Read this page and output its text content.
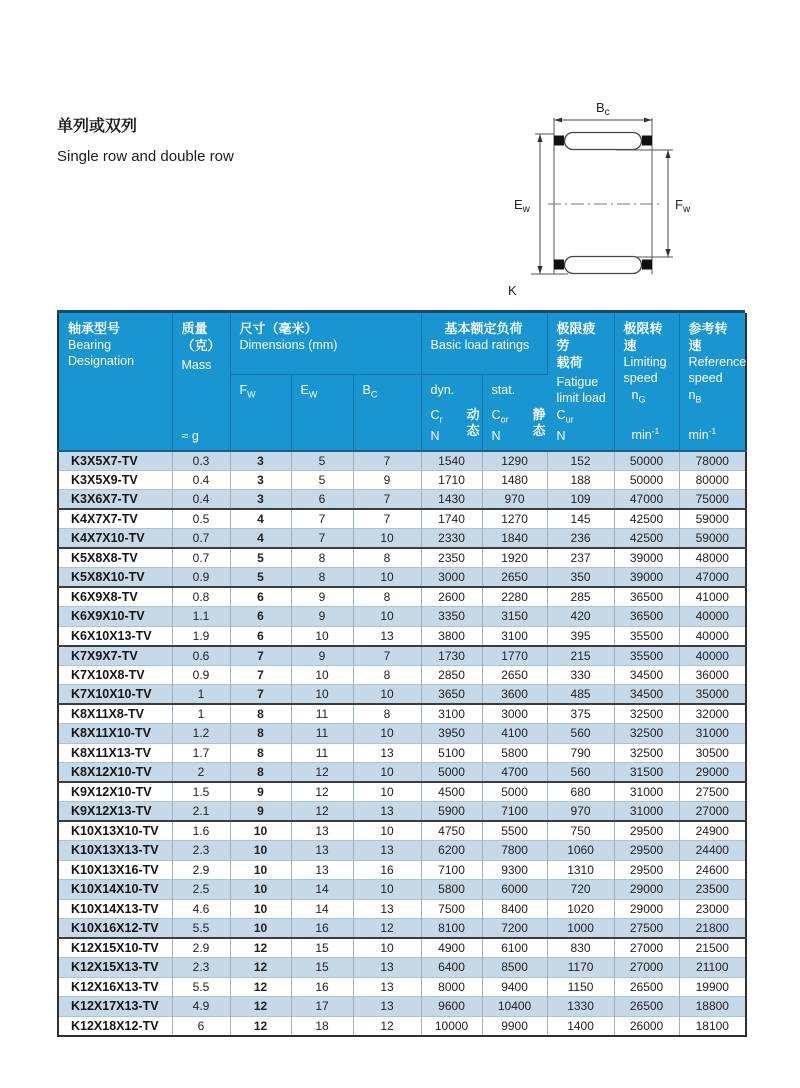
单列或双列
Single row and double row
$B_c$
$E_w$	$F_w$
K
轴承型号
Bearing
Designation

质量
（克）
Mass
≈ g

尺寸（毫米）
Dimensions (mm)

基本额定负荷
Basic load ratings

极限疲劳
载荷
Fatigue
limit load
$C_{ur}$
N

极限转速
Limiting
speed
$n_G$
$\min^{-1}$

参考转速
Reference
speed
$n_B$
$\min^{-1}$

$F_W$	$E_W$	$B_C$	dyn.
$C_r$
N
动
态

stat.
$C_{or}$
N
静
态

K3X5X7-TV	0.3	3	5	7	1540	1290	152	50000	78000
K3X5X9-TV	0.4	3	5	9	1710	1480	188	50000	80000
K3X6X7-TV	0.4	3	6	7	1430	970	109	47000	75000
K4X7X7-TV	0.5	4	7	7	1740	1270	145	42500	59000
K4X7X10-TV	0.7	4	7	10	2330	1840	236	42500	59000
K5X8X8-TV	0.7	5	8	8	2350	1920	237	39000	48000
K5X8X10-TV	0.9	5	8	10	3000	2650	350	39000	47000
K6X9X8-TV	0.8	6	9	8	2600	2280	285	36500	41000
K6X9X10-TV	1.1	6	9	10	3350	3150	420	36500	40000
K6X10X13-TV	1.9	6	10	13	3800	3100	395	35500	40000
K7X9X7-TV	0.6	7	9	7	1730	1770	215	35500	40000
K7X10X8-TV	0.9	7	10	8	2850	2650	330	34500	36000
K7X10X10-TV	1	7	10	10	3650	3600	485	34500	35000
K8X11X8-TV	1	8	11	8	3100	3000	375	32500	32000
K8X11X10-TV	1.2	8	11	10	3950	4100	560	32500	31000
K8X11X13-TV	1.7	8	11	13	5100	5800	790	32500	30500
K8X12X10-TV	2	8	12	10	5000	4700	560	31500	29000
K9X12X10-TV	1.5	9	12	10	4500	5000	680	31000	27500
K9X12X13-TV	2.1	9	12	13	5900	7100	970	31000	27000
K10X13X10-TV	1.6	10	13	10	4750	5500	750	29500	24900
K10X13X13-TV	2.3	10	13	13	6200	7800	1060	29500	24400
K10X13X16-TV	2.9	10	13	16	7100	9300	1310	29500	24600
K10X14X10-TV	2.5	10	14	10	5800	6000	720	29000	23500
K10X14X13-TV	4.6	10	14	13	7500	8400	1020	29000	23000
K10X16X12-TV	5.5	10	16	12	8100	7200	1000	27500	21800
K12X15X10-TV	2.9	12	15	10	4900	6100	830	27000	21500
K12X15X13-TV	2.3	12	15	13	6400	8500	1170	27000	21100
K12X16X13-TV	5.5	12	16	13	8000	9400	1150	26500	19900
K12X17X13-TV	4.9	12	17	13	9600	10400	1330	26500	18800
K12X18X12-TV	6	12	18	12	10000	9900	1400	26000	18100
